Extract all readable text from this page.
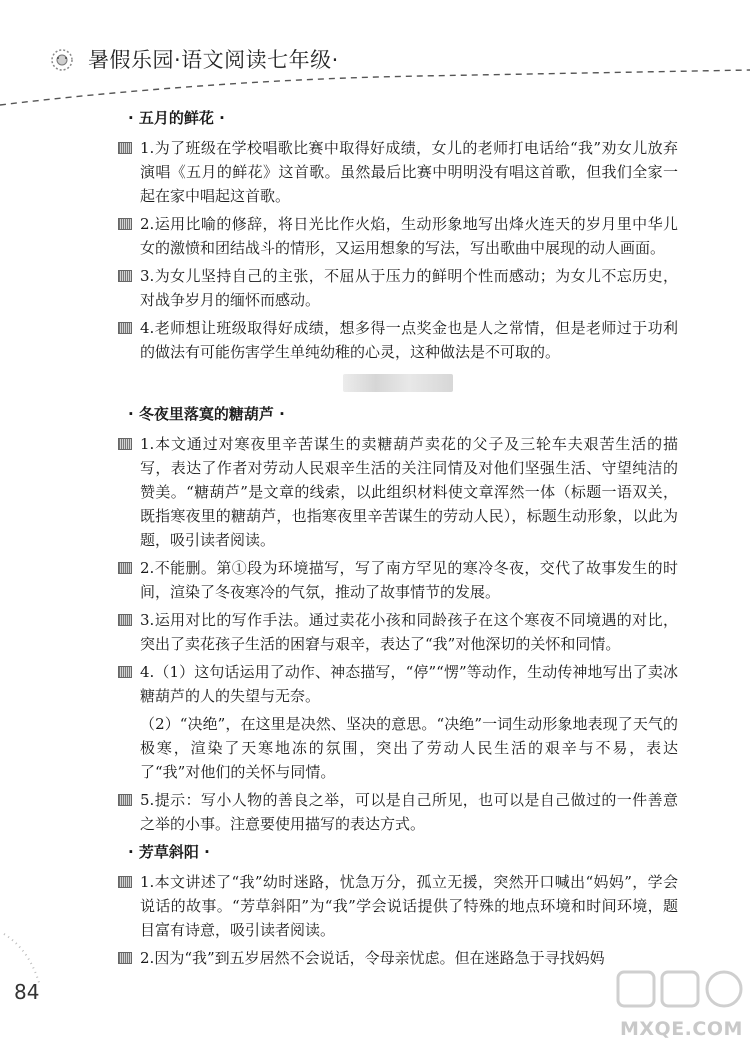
暑假乐园·语文阅读七年级·
· 五月的鲜花 ·
1.为了班级在学校唱歌比赛中取得好成绩，女儿的老师打电话给“我”劝女儿放弃演唱《五月的鲜花》这首歌。虽然最后比赛中明明没有唱这首歌，但我们全家一起在家中唱起这首歌。
2.运用比喻的修辞，将日光比作火焰，生动形象地写出烽火连天的岁月里中华儿女的激愤和团结战斗的情形，又运用想象的写法，写出歌曲中展现的动人画面。
3.为女儿坚持自己的主张，不屈从于压力的鲜明个性而感动；为女儿不忘历史，对战争岁月的缅怀而感动。
4.老师想让班级取得好成绩，想多得一点奖金也是人之常情，但是老师过于功利的做法有可能伤害学生单纯幼稚的心灵，这种做法是不可取的。
· 冬夜里落寞的糖葫芦 ·
1.本文通过对寒夜里辛苦谋生的卖糖葫芦卖花的父子及三轮车夫艰苦生活的描写，表达了作者对劳动人民艰辛生活的关注同情及对他们坚强生活、守望纯洁的赞美。“糖葫芦”是文章的线索，以此组织材料使文章浑然一体（标题一语双关，既指寒夜里的糖葫芦，也指寒夜里辛苦谋生的劳动人民），标题生动形象，以此为题，吸引读者阅读。
2.不能删。第①段为环境描写，写了南方罕见的寒冷冬夜，交代了故事发生的时间，渲染了冬夜寒冷的气氛，推动了故事情节的发展。
3.运用对比的写作手法。通过卖花小孩和同龄孩子在这个寒夜不同境遇的对比，突出了卖花孩子生活的困窘与艰辛，表达了“我”对他深切的关怀和同情。
4.（1）这句话运用了动作、神态描写，“停”“愣”等动作，生动传神地写出了卖冰糖葫芦的人的失望与无奈。
（2）“决绝”，在这里是决然、坚决的意思。“决绝”一词生动形象地表现了天气的极寒，渲染了天寒地冻的氛围，突出了劳动人民生活的艰辛与不易，表达了“我”对他们的关怀与同情。
5.提示：写小人物的善良之举，可以是自己所见，也可以是自己做过的一件善意之举的小事。注意要使用描写的表达方式。
· 芳草斜阳 ·
1.本文讲述了“我”幼时迷路，忧急万分，孤立无援，突然开口喊出“妈妈”，学会说话的故事。“芳草斜阳”为“我”学会说话提供了特殊的地点环境和时间环境，题目富有诗意，吸引读者阅读。
2.因为“我”到五岁居然不会说话，令母亲忧虑。但在迷路急于寻找妈妈
84
MXQE.COM
